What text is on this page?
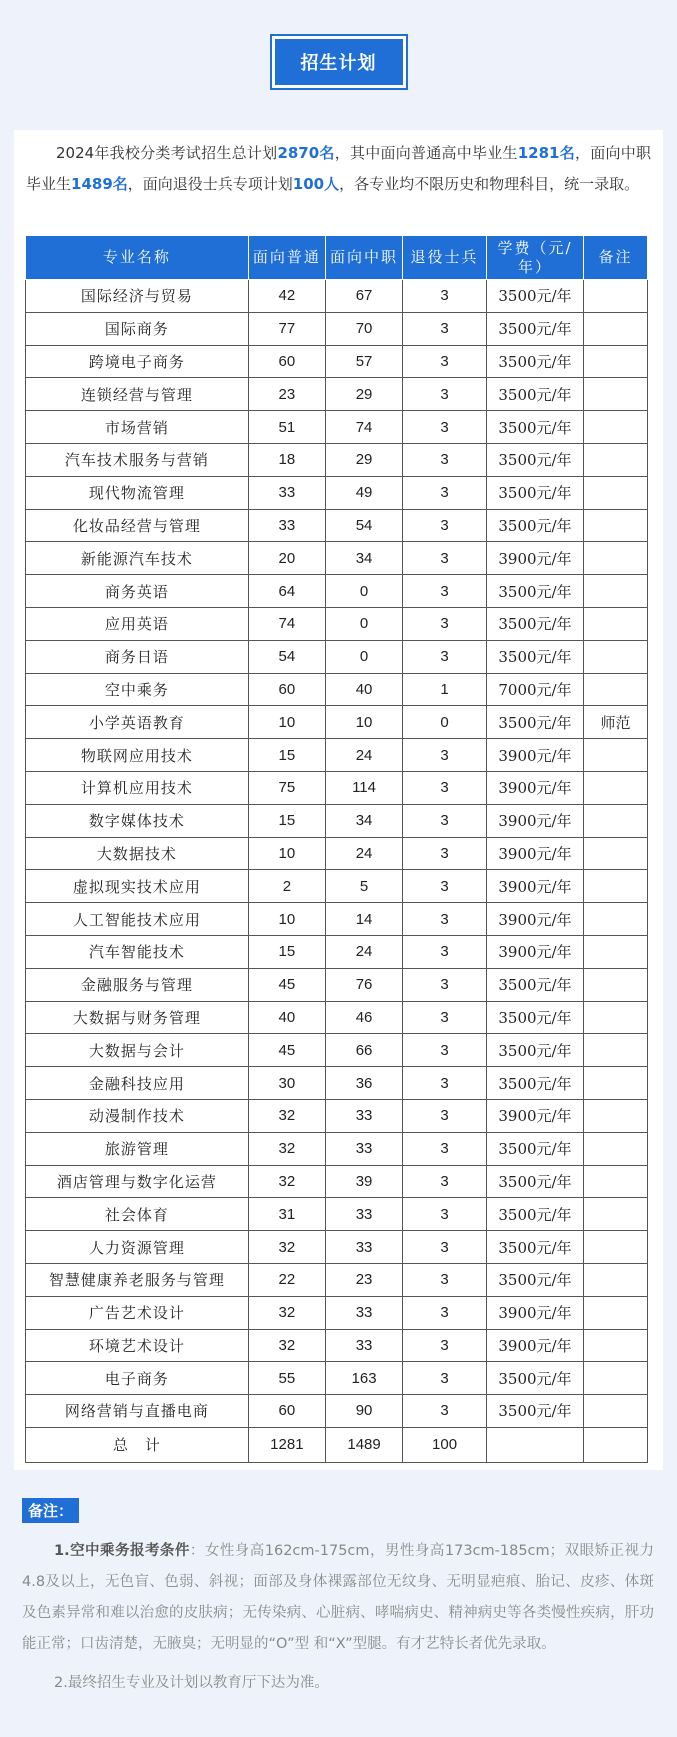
招生计划
2024年我校分类考试招生总计划2870名，其中面向普通高中毕业生1281名，面向中职毕业生1489名，面向退役士兵专项计划100人，各专业均不限历史和物理科目，统一录取。
专业名称	面向普通	面向中职	退役士兵	学费（元/年）	备注
国际经济与贸易	42	67	3	3500元/年	
国际商务	77	70	3	3500元/年	
跨境电子商务	60	57	3	3500元/年	
连锁经营与管理	23	29	3	3500元/年	
市场营销	51	74	3	3500元/年	
汽车技术服务与营销	18	29	3	3500元/年	
现代物流管理	33	49	3	3500元/年	
化妆品经营与管理	33	54	3	3500元/年	
新能源汽车技术	20	34	3	3900元/年	
商务英语	64	0	3	3500元/年	
应用英语	74	0	3	3500元/年	
商务日语	54	0	3	3500元/年	
空中乘务	60	40	1	7000元/年	
小学英语教育	10	10	0	3500元/年	师范
物联网应用技术	15	24	3	3900元/年	
计算机应用技术	75	114	3	3900元/年	
数字媒体技术	15	34	3	3900元/年	
大数据技术	10	24	3	3900元/年	
虚拟现实技术应用	2	5	3	3900元/年	
人工智能技术应用	10	14	3	3900元/年	
汽车智能技术	15	24	3	3900元/年	
金融服务与管理	45	76	3	3500元/年	
大数据与财务管理	40	46	3	3500元/年	
大数据与会计	45	66	3	3500元/年	
金融科技应用	30	36	3	3500元/年	
动漫制作技术	32	33	3	3900元/年	
旅游管理	32	33	3	3500元/年	
酒店管理与数字化运营	32	39	3	3500元/年	
社会体育	31	33	3	3500元/年	
人力资源管理	32	33	3	3500元/年	
智慧健康养老服务与管理	22	23	3	3500元/年	
广告艺术设计	32	33	3	3900元/年	
环境艺术设计	32	33	3	3900元/年	
电子商务	55	163	3	3500元/年	
网络营销与直播电商	60	90	3	3500元/年	
总　计	1281	1489	100		
备注：

1.空中乘务报考条件：女性身高162cm-175cm，男性身高173cm-185cm；双眼矫正视力4.8及以上，无色盲、色弱、斜视；面部及身体裸露部位无纹身、无明显疤痕、胎记、皮疹、体斑及色素异常和难以治愈的皮肤病；无传染病、心脏病、哮喘病史、精神病史等各类慢性疾病，肝功能正常；口齿清楚，无腋臭；无明显的“O”型 和“X”型腿。有才艺特长者优先录取。

2.最终招生专业及计划以教育厅下达为准。
